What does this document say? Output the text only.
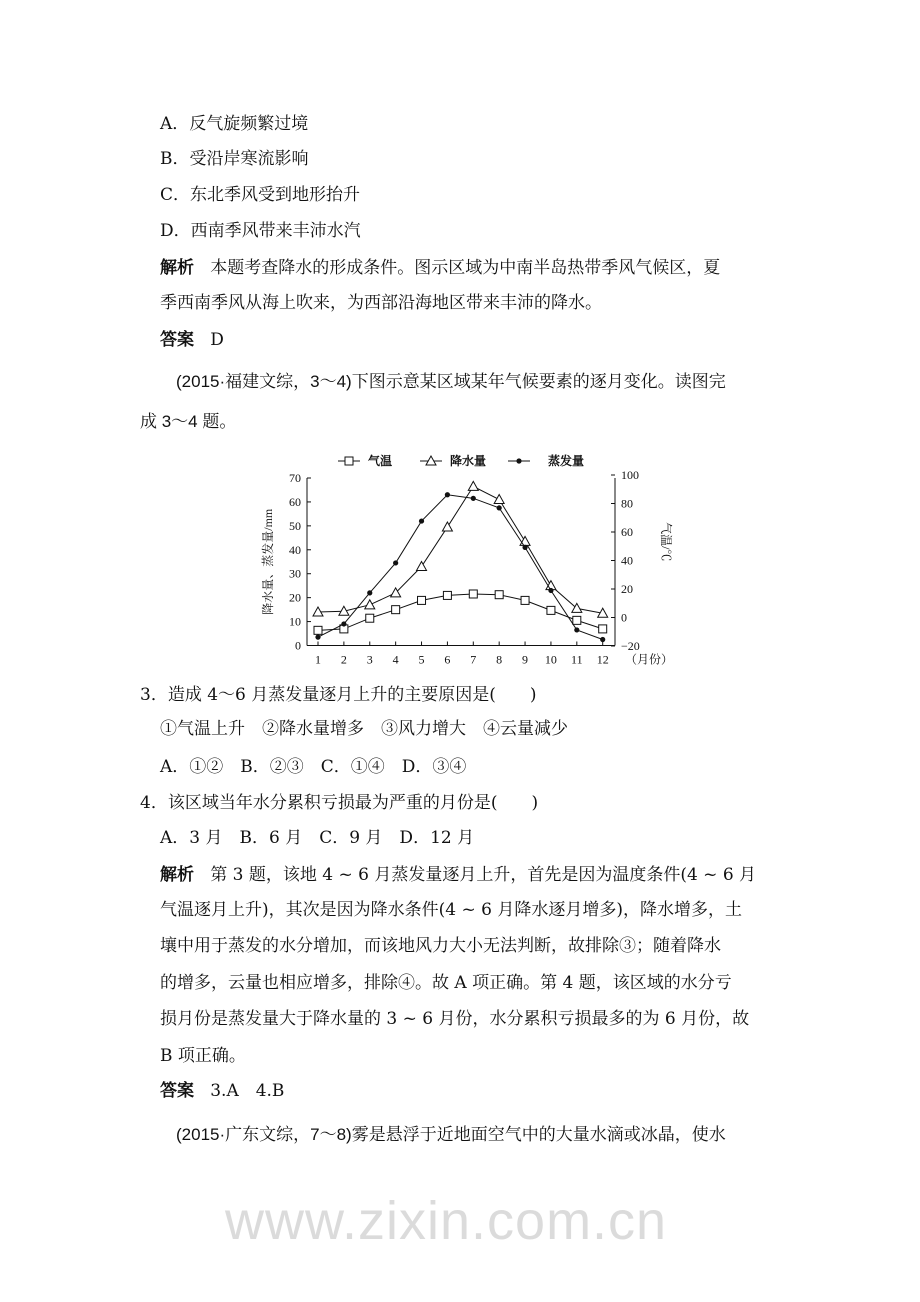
A．反气旋频繁过境
B．受沿岸寒流影响
C．东北季风受到地形抬升
D．西南季风带来丰沛水汽
解析 本题考查降水的形成条件。图示区域为中南半岛热带季风气候区，夏
季西南季风从海上吹来，为西部沿海地区带来丰沛的降水。
答案 D
(2015·福建文综，3～4)下图示意某区域某年气候要素的逐月变化。读图完
成 3～4 题。
0
10
20
30
40
50
60
70
−20
0
20
40
60
80
100
1 2 3 4 5 6 7 8 9 10 11 12 （月份）
降水量、蒸发量/mm	气温/℃
气温	降水量	蒸发量
3．造成 4～6 月蒸发量逐月上升的主要原因是(　　)
①气温上升　②降水量增多　③风力增大　④云量减少
A．①②　B．②③　C．①④　D．③④
4．该区域当年水分累积亏损最为严重的月份是(　　)
A．3 月　B．6 月　C．9 月　D．12 月
解析 第 3 题，该地 4 ~ 6 月蒸发量逐月上升，首先是因为温度条件(4 ~ 6 月
气温逐月上升)，其次是因为降水条件(4 ~ 6 月降水逐月增多)，降水增多，土
壤中用于蒸发的水分增加，而该地风力大小无法判断，故排除③；随着降水
的增多，云量也相应增多，排除④。故 A 项正确。第 4 题，该区域的水分亏
损月份是蒸发量大于降水量的 3 ~ 6 月份，水分累积亏损最多的为 6 月份，故
B 项正确。
答案 3.A　4.B
(2015·广东文综，7～8)雾是悬浮于近地面空气中的大量水滴或冰晶，使水
www.zixin.com.cn
